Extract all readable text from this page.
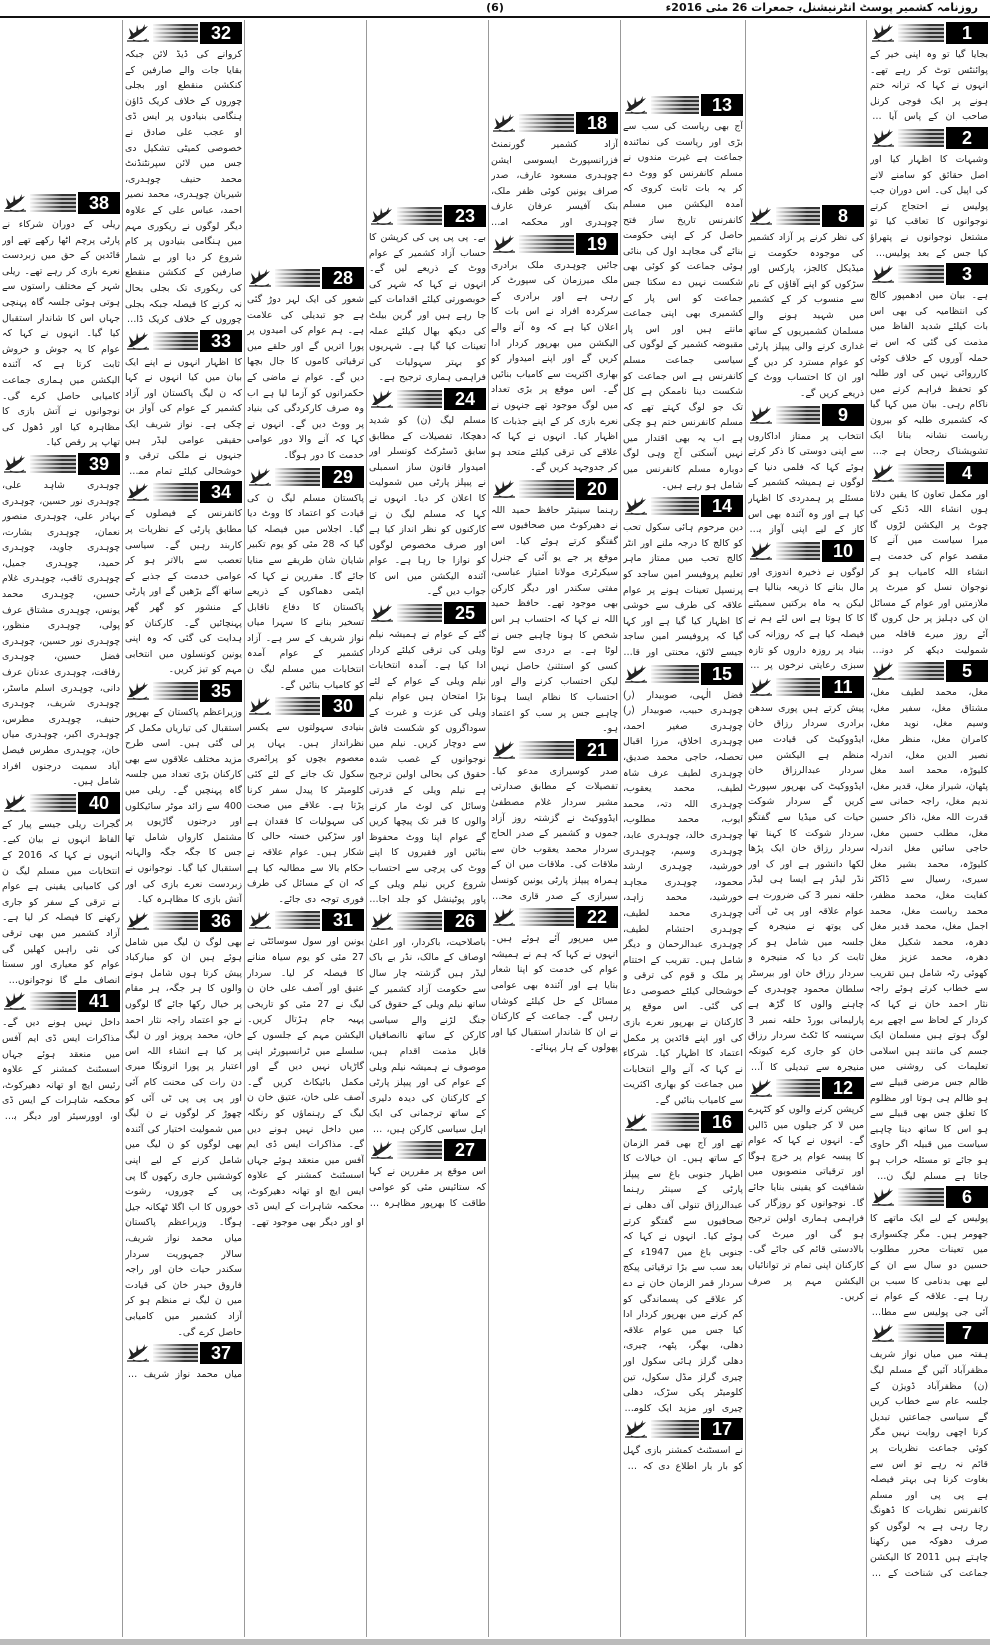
روزنامہ کشمیر پوسٹ انٹرنیشنل، جمعرات 26 مئی 2016ء
(6)
1
بجایا گیا تو وہ اپنی خیر کے پوائنٹس توٹ کر رہے تھے۔ انہوں نے کہا کہ ترانہ ختم ہونے پر ایک فوجی کرنل صاحب ان کے پاس آیا اور
2
وشبہات کا اظہار کیا اور اصل حقائق کو سامنے لانے کی اپیل کی۔ اس دوران جب پولیس نے احتجاج کرتے نوجوانوں کا تعاقب کیا تو مشتعل نوجوانوں نے پتھراؤ کیا جس کے بعد پولیس نے
3
ہے۔ بیان میں ادھمپور کالج کی انتظامیہ کی بھی اس بات کیلئے شدید الفاظ میں مذمت کی گئی کہ اس نے حملہ آوروں کے خلاف کوئی کارروائی نہیں کی اور طلبہ کو تحفظ فراہم کرنے میں ناکام رہی۔ بیان میں کہا گیا کہ کشمیری طلبہ کو بیرون ریاست نشانہ بنانا ایک تشویشناک رجحان ہے جس
4
اور مکمل تعاون کا یقین دلاتا ہوں انشاء اللہ ڈنکے کی چوٹ پر الیکشن لڑوں گا میرا سیاست میں آنے کا مقصد عوام کی خدمت ہے انشاء اللہ کامیاب ہو کر نوجوان نسل کو میرٹ پر ملازمتیں اور عوام کے مسائل ان کی دہلیز پر حل کروں گا آئے روز میرے قافلہ میں شمولیت دیکھ کر دونوں
5
مغل، محمد لطیف مغل، مشتاق مغل، سفیر مغل، وسیم مغل، نوید مغل، کامران مغل، منظر مغل، نصیر الدین مغل، اندرلہ کلیوڑہ، محمد اسد مغل پٹھان، شیراز مغل، قدیر مغل، ندیم مغل، راجہ حمانی سے قدرت اللہ مغل، ذاکر حسین مغل، مطلب حسین مغل، حاجی سائیں مغل اندرلہ کلیوڑہ، محمد بشیر مغل سیری، رسیال سے ڈاکٹر کفایت مغل، محمد مظفر، محمد ریاست مغل، محمد اجمل مغل، محمد قدیر مغل دھرہ، محمد شکیل مغل دھرہ، محمد عزیز مغل کھوئی رٹہ شامل ہیں تقریب سے خطاب کرتے ہوئے راجہ نثار احمد خان نے کہا کہ کردار کے لحاظ سے اچھے برے لوگ ہوتے ہیں مسلمان ایک جسم کی مانند ہیں اسلامی تعلیمات کی روشنی میں ظالم جس مرضی قبیلے سے ہو ظالم ہی ہوتا اور مظلوم کا تعلق جس بھی قبیلے سے ہو اس کا ساتھ دینا چاہیے سیاست میں قبیلہ اگر حاوی ہو جائے تو مسئلہ خراب ہو جاتا ہے مسلم لیگ ن نے
6
پولیس کے لیے ایک ماتھے کا جھومر ہیں۔ مگر چکسواری میں تعینات محرر مطلوب حسین دو سال سے ان کے لیے بھی بدنامی کا سبب بن رہا ہے۔ علاقہ کے عوام نے آئی جی پولیس سے مطالبہ
7
ہفتہ میں میاں نواز شریف مظفرآباد آئیں گے مسلم لیگ (ن) مظفرآباد ڈویژن کے جلسہ عام سے خطاب کریں گے سیاسی جماعتیں تبدیل کرنا اچھی روایت نہیں مگر کوئی جماعت نظریات پر قائم نہ رہے تو اس سے بغاوت کرنا ہی بہتر فیصلہ ہے پی پی اور مسلم کانفرنس نظریات کا ڈھونگ رچا رہی ہے یہ لوگوں کو صرف دھوکہ میں رکھنا چاہتے ہیں 2011 کا الیکشن جماعت کی شناخت کے لیے
8
کی نظر کرنے پر آزاد کشمیر کی موجودہ حکومت نے میڈیکل کالجز، پارکس اور سڑکوں کو اپنے آقاؤں کے نام سے منسوب کر کے کشمیر میں شہید ہونے والے مسلمان کشمیریوں کے ساتھ غداری کرنے والی پیپلز پارٹی کو عوام مسترد کر دیں گے اور ان کا احتساب ووٹ کے ذریعے کریں گے۔
9
انتخاب پر ممتاز اداکاروں سے اپنی دوستی کا ذکر کرتے ہوئے کہا کہ فلمی دنیا کے لوگوں نے ہمیشہ کشمیر کے مسئلے پر ہمدردی کا اظہار کیا ہے اور وہ آئندہ بھی اس کاز کے لیے اپنی آواز بلند
10
لوگوں نے ذخیرہ اندوزی اور مال بنانے کا ذریعہ بنالیا ہے لیکن یہ ماہ برکتیں سمیٹنے کا کا ہوتا ہے اس لئے ہم نے فیصلہ کیا ہے کہ روزانہ کی بنیاد پر روزہ داروں کو تازہ سبزی رعایتی نرخوں پر دی
11
پیش کرتے ہیں پوری سدھن برادری سردار رزاق خان ایڈووکیٹ کی قیادت میں منظم ہے الیکشن میں سردار عبدالرزاق خان ایڈووکیٹ کی بھرپور سپورٹ کریں گے سردار شوکت حیات کی میڈیا سے گفتگو سردار شوکت کا کہنا تھا سردار رزاق خان ایک پڑھا لکھا دانشور ہے اور ک اور نڈر لیڈر ہے ایسا ہی لیڈر حلقہ نمبر 3 کی ضرورت ہے عوام علاقہ اور پی ٹی آئی کی یوتھ نے منیجرہ کے جلسہ میں شامل ہو کر ثابت کر دیا کہ منیجرہ و سردار رزاق خان اور بیرسٹر سلطان محمود چوہدری کے چاہنے والوں کا گڑھ ہے پارلیمانی بورڈ حلقہ نمبر 3 سہنسہ کا ٹکٹ سردار رزاق خان کو جاری کرے کیونکہ منیجرہ سے تبدیلی کا آغاز
12
کرپشن کرنے والوں کو کٹہرے میں لا کر جیلوں میں ڈالیں گے۔ انہوں نے کہا کہ عوام کا پیسہ عوام پر خرچ ہوگا اور ترقیاتی منصوبوں میں شفافیت کو یقینی بنایا جائے گا۔ نوجوانوں کو روزگار کی فراہمی ہماری اولین ترجیح ہو گی اور میرٹ کی بالادستی قائم کی جائے گی۔ کارکنان اپنی تمام تر توانائیاں الیکشن مہم پر صرف کریں۔
13
آج بھی ریاست کی سب سے بڑی اور ریاست کی نمائندہ جماعت ہے غیرت مندوں نے مسلم کانفرنس کو ووٹ دے کر یہ بات ثابت کروی کہ آمدہ الیکشن میں مسلم کانفرنس تاریخ ساز فتح حاصل کر کے اپنی حکومت بنائے گی مجاہد اول کی بنائی ہوئی جماعت کو کوئی بھی شکست نہیں دے سکتا جس جماعت کو اس پار کے کشمیری بھی اپنی جماعت مانتے ہیں اور اس پار مقبوضہ کشمیر کے لوگوں کی سیاسی جماعت مسلم کانفرنس ہے اس جماعت کو شکست دینا ناممکن ہے کل تک جو لوگ کہتے تھے کہ مسلم کانفرنس ختم ہو چکی ہے اب یہ بھی اقتدار میں نہیں آسکتی آج وہی لوگ دوبارہ مسلم کانفرنس میں شامل ہو رہے ہیں۔
14
دین مرحوم ہائی سکول تحب کو کالج کا درجہ ملنے اور انٹر کالج تحب میں ممتاز ماہر تعلیم پروفیسر امین ساجد کو پرنسپل تعینات ہونے پر عوام علاقہ کی طرف سے خوشی کا اظہار کیا گیا ہے اور کہا گیا کہ پروفیسر امین ساجد جیسے لائق، محنتی اور قابل
15
فضل الٰہی، صوبیدار (ر) چوہدری حبیب، صوبیدار (ر) چوہدری صغیر احمد، چوہدری اخلاق، مرزا اقبال تحصلہ، حاجی محمد صدیق، چوہدری لطیف عرف شاہ لطیف، محمد یعقوب، چوہدری اللہ دتہ، محمد ایوب، محمد مطلوب، چوہدری خالد، چوہدری عابد، چوہدری وسیم، چوہدری خورشید، چوہدری ارشد محمود، چوہدری مجاہد خورشید، محمد زاہد، چوہدری محمد لطیف، چوہدری احتشام لطیف، چوہدری عبدالرحمان و دیگر شامل ہیں۔ تقریب کے اختتام پر ملک و قوم کی ترقی و خوشحالی کیلئے خصوصی دعا کی گئی۔ اس موقع پر کارکنان نے بھرپور نعرے بازی کی اور اپنے قائدین پر مکمل اعتماد کا اظہار کیا۔ شرکاء نے کہا کہ آنے والے انتخابات میں جماعت کو بھاری اکثریت سے کامیاب بنائیں گے۔
16
تھے اور آج بھی قمر الزمان کے ساتھ ہیں۔ ان خیالات کا اظہار جنوبی باغ سے پیپلز پارٹی کے سینئر رہنما عبدالرزاق تنولی آف دھلی نے صحافیوں سے گفتگو کرتے ہوئے کیا۔ انہوں نے کہا کہ جنوبی باغ میں 1947ء کے بعد سب سے بڑا ترقیاتی پیکج سردار قمر الزمان خان نے دے کر علاقے کی پسماندگی کو کم کرنے میں بھرپور کردار ادا کیا جس میں عوام علاقہ دھلی، بھگر، پٹھہ، چیری، دھلی گرلز ہائی سکول اور چیری گرلز مڈل سکول، تین کلومیٹر پکی سڑک، دھلی چیری اور مزید ایک کلومیٹر
17
نے اسسٹنٹ کمشنر بازی گہل کو بار بار اطلاع دی کہ لاؤڈ
18
آزاد کشمیر گورنمنٹ فزرانسپورٹ ایسوسی ایشن چوہدری مسعود عارف، صدر صراف یونین کوئی ظفر ملک، بنک آفیسر عرفان عارف چوہدری اور محکمہ امور
19
جائیں چوہدری ملک برادری ملک میرزمان کی سپورٹ کر رہی ہے اور برادری کے سرکردہ افراد نے اس بات کا اعلان کیا ہے کہ وہ آنے والے الیکشن میں بھرپور کردار ادا کریں گے اور اپنے امیدوار کو بھاری اکثریت سے کامیاب بنائیں گے۔ اس موقع پر بڑی تعداد میں لوگ موجود تھے جنہوں نے نعرے بازی کر کے اپنے جذبات کا اظہار کیا۔ انہوں نے کہا کہ علاقے کی ترقی کیلئے متحد ہو کر جدوجہد کریں گے۔
20
رہنما سینیٹر حافظ حمید اللہ نے دھیرکوٹ میں صحافیوں سے گفتگو کرتے ہوئے کیا۔ اس موقع پر جے یو آئی کے جنرل سیکرٹری مولانا امتیاز عباسی، مفتی سکندر اور دیگر کارکن بھی موجود تھے۔ حافظ حمید اللہ نے کہا کہ احتساب ہر اس شخص کا ہونا چاہیے جس نے لوٹا ہے۔ بے دردی سے لوٹا کسی کو استثنیٰ حاصل نہیں لیکن احتساب کرنے والے اور احتساب کا نظام ایسا ہونا چاہیے جس پر سب کو اعتماد ہو۔
21
صدر کوسیرازی مدعو کیا۔ تفصیلات کے مطابق صدارتی مشیر سردار غلام مصطفیٰ ایڈووکیٹ نے گزشتہ روز آزاد جموں و کشمیر کے صدر الحاج سردار محمد یعقوب خان سے ملاقات کی۔ ملاقات میں ان کے ہمراہ پیپلز پارٹی یونین کونسل سیرازی کے صدر قاری محمد
22
میں میرپور آئے ہوئے ہیں۔ انہوں نے کہا کہ ہم نے ہمیشہ عوام کی خدمت کو اپنا شعار بنایا ہے اور آئندہ بھی عوامی مسائل کے حل کیلئے کوشاں رہیں گے۔ جماعت کے کارکنان نے ان کا شاندار استقبال کیا اور پھولوں کے ہار پہنائے۔
23
بے۔ پی پی پی کی کرپشن کا حساب آزاد کشمیر کے عوام ووٹ کے ذریعے لیں گے۔ انہوں نے کہا کہ شہر کی خوبصورتی کیلئے اقدامات کیے جا رہے ہیں اور گرین بیلٹ کی دیکھ بھال کیلئے عملہ تعینات کیا گیا ہے۔ شہریوں کو بہتر سہولیات کی فراہمی ہماری ترجیح ہے۔
24
مسلم لیگ (ن) کو شدید دھچکا، تفصیلات کے مطابق سابق ڈسٹرکٹ کونسلر اور امیدوار قانون ساز اسمبلی نے پیپلز پارٹی میں شمولیت کا اعلان کر دیا۔ انہوں نے کہا کہ مسلم لیگ ن نے کارکنوں کو نظر انداز کیا ہے اور صرف مخصوص لوگوں کو نوازا جا رہا ہے۔ عوام آئندہ الیکشن میں اس کا جواب دیں گے۔
25
گئے کے عوام نے ہمیشہ نیلم ویلی کی ترقی کیلئے کردار ادا کیا ہے۔ آمدہ انتخابات نیلم ویلی کے عوام کے لئے بڑا امتحان ہیں عوام نیلم ویلی کی عزت و غیرت کے سوداگروں کو شکست فاش سے دوچار کریں۔ نیلم میں نوجوانوں کے غصب شدہ حقوق کی بحالی اولین ترجیح ہے نیلم ویلی کے قدرتی وسائل کی لوٹ مار کرنے والوں کا قبر تک پیچھا کریں گے عوام اپنا ووٹ محفوظ بنائیں اور فقیروں کا اپنے ووٹ کی پرچی سے احتساب شروع کریں نیلم ویلی کے پاور پوٹینشل کو جلد اجاگر
26
باصلاحیت، باکردار، اور اعلیٰ اوصاف کے مالک، نڈر بے باک لیڈر ہیں گزشتہ چار سال سے حکومت آزاد کشمیر کے ساتھ نیلم ویلی کے حقوق کی جنگ لڑنے والے سیاسی کارکن کے ساتھ ناانصافیاں قابل مذمت اقدام ہیں، موصوف نے ہمیشہ نیلم ویلی کے عوام کی اور پیپلز پارٹی کے کارکنان کی دیدہ دلیری کے ساتھ ترجمانی کی ایک اہل سیاسی کارکن ہیں، چار
27
اس موقع پر مقررین نے کہا کہ ستائیس مئی کو عوامی طاقت کا بھرپور مظاہرہ کیا
28
شعور کی ایک لہر دوڑ گئی ہے جو تبدیلی کی علامت ہے۔ ہم عوام کی امیدوں پر پورا اتریں گے اور حلقے میں ترقیاتی کاموں کا جال بچھا دیں گے۔ عوام نے ماضی کے حکمرانوں کو آزما لیا ہے اب وہ صرف کارکردگی کی بنیاد پر ووٹ دیں گے۔ انہوں نے کہا کہ آنے والا دور عوامی خدمت کا دور ہوگا۔
29
پاکستان مسلم لیگ ن کی قیادت کو اعتماد کا ووٹ دیا گیا۔ اجلاس میں فیصلہ کیا گیا کہ 28 مئی کو یوم تکبیر شایان شان طریقے سے منایا جائے گا۔ مقررین نے کہا کہ ایٹمی دھماکوں کے ذریعے پاکستان کا دفاع ناقابل تسخیر بنانے کا سہرا میاں نواز شریف کے سر ہے۔ آزاد کشمیر کے عوام آمدہ انتخابات میں مسلم لیگ ن کو کامیاب بنائیں گے۔
30
بنیادی سہولتوں سے یکسر نظرانداز ہیں۔ یہاں پر معصوم بچوں کو پرائمری سکول تک جانے کے لئے کئی کلومیٹر کا پیدل سفر کرنا پڑتا ہے۔ علاقے میں صحت کی سہولیات کا فقدان ہے اور سڑکیں خستہ حالی کا شکار ہیں۔ عوام علاقہ نے حکام بالا سے مطالبہ کیا ہے کہ ان کے مسائل کی طرف فوری توجہ دی جائے۔
31
یونین اور سول سوسائٹی نے 27 مئی کو یوم سیاہ منانے کا فیصلہ کر لیا۔ سردار عتیق اور آصف علی خان ن لیگ نے 27 مئی کو تاریخی پہیہ جام ہڑتال کریں۔ الیکشن مہم کے جلسوں کے سلسلے میں ٹرانسپورٹر اپنی گاڑیاں نہیں دیں گے اور مکمل بائیکاٹ کریں گے۔ آصف علی خان، عتیق خان ن لیگ کے رہنماؤں کو رنگلہ میں داخل نہیں ہونے دیں گے۔ مذاکرات ایس ڈی ایم آفس میں منعقد ہوئے جہاں اسسٹنٹ کمشنر کے علاوہ ایس ایچ او تھانہ دھیرکوٹ، محکمہ شاہرات کے ایس ڈی او اور دیگر بھی موجود تھے۔
32
کروانے کی ڈیڈ لائن جبکہ بقایا جات والے صارفین کے کنکشن منقطع اور بجلی چوروں کے خلاف کریک ڈاؤن ہنگامی بنیادوں پر ایس ڈی او عجب علی صادق نے خصوصی کمیٹی تشکیل دی جس میں لائن سپرنٹنڈنٹ محمد حنیف چوہدری، شیربان چوہدری، محمد نصیر احمد، عباس علی کے علاوہ دیگر لوگوں نے ریکوری مہم میں ہنگامی بنیادوں پر کام شروع کر دیا اور بے شمار صارفین کے کنکشن منقطع کی ریکوری تک بجلی بحال نہ کرنے کا فیصلہ جبکہ بجلی چوروں کے خلاف کریک ڈاؤن
33
کا اظہار انہوں نے اپنے ایک بیان میں کیا انہوں نے کہا کہ ن لیگ پاکستان اور آزاد کشمیر کے عوام کی آواز بن چکی ہے۔ نواز شریف ایک حقیقی عوامی لیڈر ہیں جنہوں نے ملکی ترقی و خوشحالی کیلئے تمام ممکنہ
34
کانفرنس کے فیصلوں کے مطابق پارٹی کے نظریات پر کاربند رہیں گے۔ سیاسی تعصب سے بالاتر ہو کر عوامی خدمت کے جذبے کے ساتھ آگے بڑھیں گے اور پارٹی کے منشور کو گھر گھر پہنچائیں گے۔ کارکنان کو ہدایت کی گئی کہ وہ اپنی یونین کونسلوں میں انتخابی مہم کو تیز کریں۔
35
وزیراعظم پاکستان کے بھرپور استقبال کی تیاریاں مکمل کر لی گئی ہیں۔ اسی طرح مزید مختلف علاقوں سے بھی کارکنان بڑی تعداد میں جلسہ گاہ پہنچیں گے۔ ریلی میں 400 سے زائد موٹر سائیکلوں اور درجنوں گاڑیوں پر مشتمل کارواں شامل تھا جس کا جگہ جگہ والہانہ استقبال کیا گیا۔ نوجوانوں نے زبردست نعرے بازی کی اور آتش بازی کا مظاہرہ کیا۔
36
بھی لوگ ن لیگ میں شامل ہوئے ہیں ان کو مبارکباد پیش کرتا ہوں شامل ہونے والوں کا ہر جگہ، ہر مقام پر خیال رکھا جائے گا لوگوں نے جو اعتماد راجہ نثار احمد خان، محمد پرویز اور ن لیگ پر کیا ہے انشاء اللہ اس اعتبار پر پورا اترونگا میری دن رات کی محنت کام آئی اور پی پی پی ٹی آئی کو چھوڑ کر لوگوں نے ن لیگ میں شمولیت اختیار کی آئندہ بھی لوگوں کو ن لیگ میں شامل کرنے کے لیے اپنی کوششیں جاری رکھوں گا پی پی کے چوروں، رشوت خوروں کا اب اگلا ٹھکانہ جیل ہوگا۔ وزیراعظم پاکستان میاں محمد نواز شریف، سالار جمہوریت سردار سکندر حیات خان اور راجہ فاروق حیدر خان کی قیادت میں ن لیگ نے منظم ہو کر آزاد کشمیر میں کامیابی حاصل کرے گی۔
37
میاں محمد نواز شریف کی
38
ریلی کے دوران شرکاء نے پارٹی پرچم اٹھا رکھے تھے اور قائدین کے حق میں زبردست نعرے بازی کر رہے تھے۔ ریلی شہر کے مختلف راستوں سے ہوتی ہوئی جلسہ گاہ پہنچی جہاں اس کا شاندار استقبال کیا گیا۔ انہوں نے کہا کہ عوام کا یہ جوش و خروش ثابت کرتا ہے کہ آئندہ الیکشن میں ہماری جماعت کامیابی حاصل کرے گی۔ نوجوانوں نے آتش بازی کا مظاہرہ کیا اور ڈھول کی تھاپ پر رقص کیا۔
39
چوہدری شاہد علی، چوہدری نور حسین، چوہدری بہادر علی، چوہدری منصور نعمان، چوہدری بشارت، چوہدری جاوید، چوہدری حمید، چوہدری جمیل، چوہدری ثاقب، چوہدری غلام حسین، چوہدری محمد یونس، چوہدری مشتاق عرف پولی، چوہدری منظور، چوہدری نور حسین، چوہدری فضل حسین، چوہدری رفاقت، چوہدری عدنان عرف دانی، چوہدری اسلم ماسٹر، چوہدری شریف، چوہدری حنیف، چوہدری مطرس، چوہدری اکبر، چوہدری میاں خان، چوہدری مطرس فیصل آباد سمیت درجنوں افراد شامل ہیں۔
40
گجرات ریلی جیسے پیار کے الفاظ انہوں نے بیان کیے۔ انہوں نے کہا کہ 2016 کے انتخابات میں مسلم لیگ ن کی کامیابی یقینی ہے عوام نے ترقی کے سفر کو جاری رکھنے کا فیصلہ کر لیا ہے۔ آزاد کشمیر میں بھی ترقی کی نئی راہیں کھلیں گی عوام کو معیاری اور سستا انصاف ملے گا نوجوانوں کو
41
داخل نہیں ہونے دیں گے۔ مذاکرات ایس ڈی ایم آفس میں منعقد ہوئے جہاں اسسٹنٹ کمشنر کے علاوہ رئیس ایچ او تھانہ دھیرکوٹ، محکمہ شاہرات کے ایس ڈی او، اوورسیئر اور دیگر بھی
